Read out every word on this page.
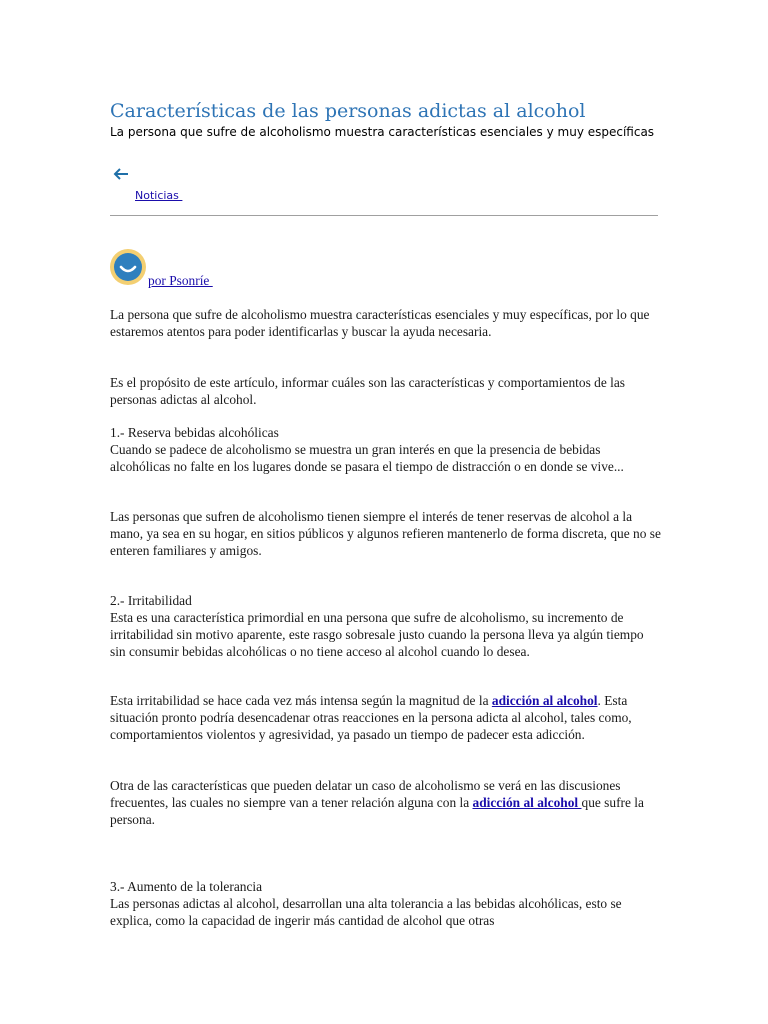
Características de las personas adictas al alcohol

La persona que sufre de alcoholismo muestra características esenciales y muy específicas

Noticias
por Psonríe

La persona que sufre de alcoholismo muestra características esenciales y muy específicas, por lo que estaremos atentos para poder identificarlas y buscar la ayuda necesaria.

Es el propósito de este artículo, informar cuáles son las características y comportamientos de las personas adictas al alcohol.

1.- Reserva bebidas alcohólicas

Cuando se padece de alcoholismo se muestra un gran interés en que la presencia de bebidas alcohólicas no falte en los lugares donde se pasara el tiempo de distracción o en donde se vive...

Las personas que sufren de alcoholismo tienen siempre el interés de tener reservas de alcohol a la mano, ya sea en su hogar, en sitios públicos y algunos refieren mantenerlo de forma discreta, que no se enteren familiares y amigos.

2.- Irritabilidad

Esta es una característica primordial en una persona que sufre de alcoholismo, su incremento de irritabilidad sin motivo aparente, este rasgo sobresale justo cuando la persona lleva ya algún tiempo sin consumir bebidas alcohólicas o no tiene acceso al alcohol cuando lo desea.

Esta irritabilidad se hace cada vez más intensa según la magnitud de la adicción al alcohol. Esta situación pronto podría desencadenar otras reacciones en la persona adicta al alcohol, tales como, comportamientos violentos y agresividad, ya pasado un tiempo de padecer esta adicción.

Otra de las características que pueden delatar un caso de alcoholismo se verá en las discusiones frecuentes, las cuales no siempre van a tener relación alguna con la adicción al alcohol que sufre la persona.

3.- Aumento de la tolerancia

Las personas adictas al alcohol, desarrollan una alta tolerancia a las bebidas alcohólicas, esto se explica, como la capacidad de ingerir más cantidad de alcohol que otras
